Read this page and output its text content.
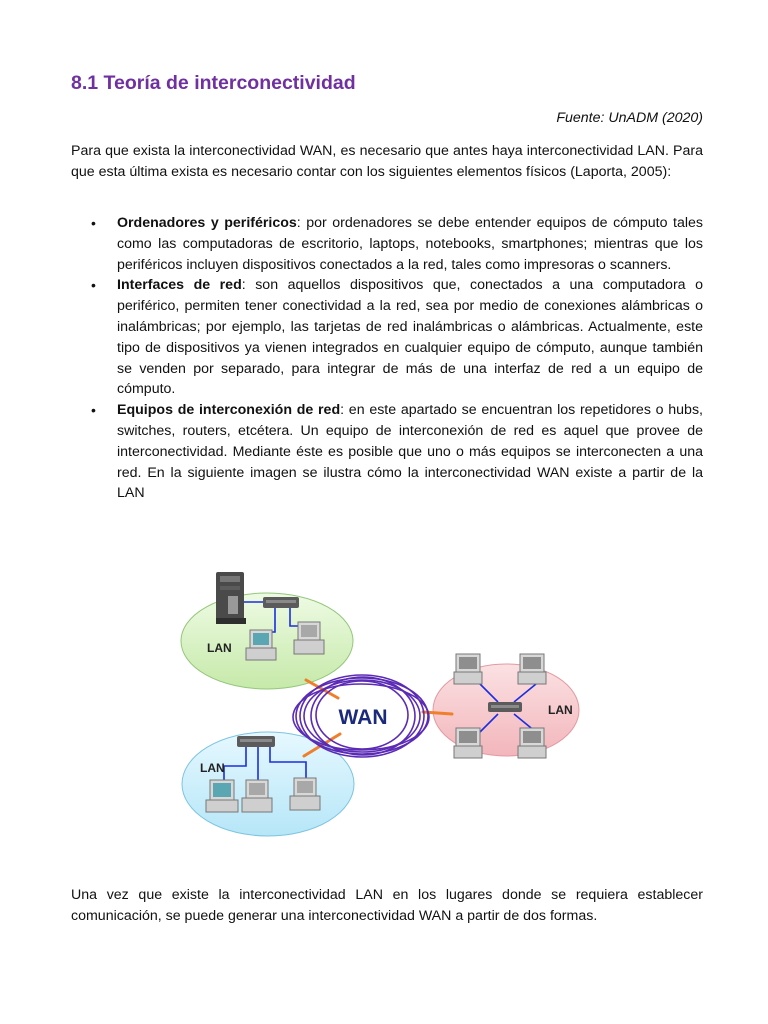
8.1 Teoría de interconectividad
Fuente: UnADM (2020)

Para que exista la interconectividad WAN, es necesario que antes haya interconectividad LAN. Para que esta última exista es necesario contar con los siguientes elementos físicos (Laporta, 2005):

• Ordenadores y periféricos: por ordenadores se debe entender equipos de cómputo tales como las computadoras de escritorio, laptops, notebooks, smartphones; mientras que los periféricos incluyen dispositivos conectados a la red, tales como impresoras o scanners.
• Interfaces de red: son aquellos dispositivos que, conectados a una computadora o periférico, permiten tener conectividad a la red, sea por medio de conexiones alámbricas o inalámbricas; por ejemplo, las tarjetas de red inalámbricas o alámbricas. Actualmente, este tipo de dispositivos ya vienen integrados en cualquier equipo de cómputo, aunque también se venden por separado, para integrar de más de una interfaz de red a un equipo de cómputo.
• Equipos de interconexión de red: en este apartado se encuentran los repetidores o hubs, switches, routers, etcétera. Un equipo de interconexión de red es aquel que provee de interconectividad. Mediante éste es posible que uno o más equipos se interconecten a una red. En la siguiente imagen se ilustra cómo la interconectividad WAN existe a partir de la LAN
WAN
LAN
LAN
LAN

Una vez que existe la interconectividad LAN en los lugares donde se requiera establecer comunicación, se puede generar una interconectividad WAN a partir de dos formas.
